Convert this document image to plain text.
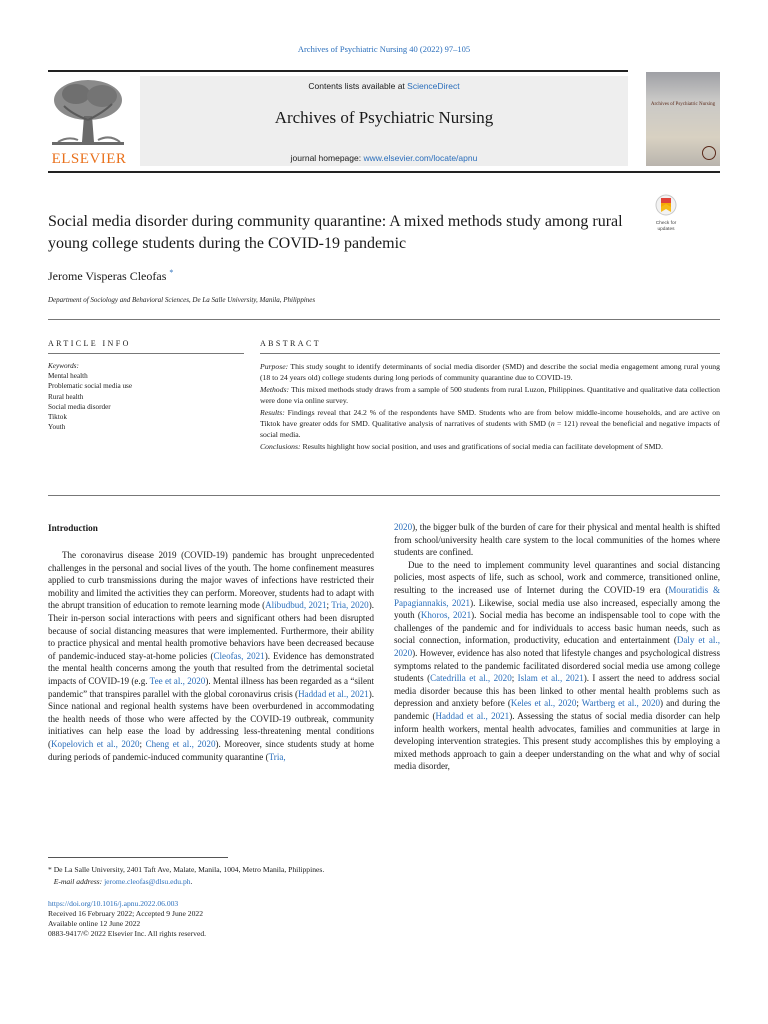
Archives of Psychiatric Nursing 40 (2022) 97–105
ELSEVIER
Contents lists available at ScienceDirect
Archives of Psychiatric Nursing
journal homepage: www.elsevier.com/locate/apnu
Archives of Psychiatric Nursing
Social media disorder during community quarantine: A mixed methods study among rural young college students during the COVID-19 pandemic
Check for
updates
Jerome Visperas Cleofas *
Department of Sociology and Behavioral Sciences, De La Salle University, Manila, Philippines
ARTICLE INFO	ABSTRACT
Keywords:
Mental health
Problematic social media use
Rural health
Social media disorder
Tiktok
Youth
Purpose: This study sought to identify determinants of social media disorder (SMD) and describe the social media engagement among rural young (18 to 24 years old) college students during long periods of community quarantine due to COVID-19.
Methods: This mixed methods study draws from a sample of 500 students from rural Luzon, Philippines. Quantitative and qualitative data collection were done via online survey.
Results: Findings reveal that 24.2 % of the respondents have SMD. Students who are from below middle-income households, and are active on Tiktok have greater odds for SMD. Qualitative analysis of narratives of students with SMD (n = 121) reveal the beneficial and negative impacts of social media.
Conclusions: Results highlight how social position, and uses and gratifications of social media can facilitate development of SMD.
Introduction

The coronavirus disease 2019 (COVID-19) pandemic has brought unprecedented challenges in the personal and social lives of the youth. The home confinement measures applied to curb transmissions during the major waves of infections have restricted their mobility and limited the activities they can perform. Moreover, students had to adapt with the abrupt transition of education to remote learning mode (Alibudbud, 2021; Tria, 2020). Their in-person social interactions with peers and significant others had been disrupted because of social distancing measures that were implemented. Furthermore, their ability to practice physical and mental health promotive behaviors have been decreased because of pandemic-induced stay-at-home policies (Cleofas, 2021). Evidence has demonstrated the mental health concerns among the youth that resulted from the detrimental societal impacts of COVID-19 (e.g. Tee et al., 2020). Mental illness has been regarded as a “silent pandemic” that transpires parallel with the global coronavirus crisis (Haddad et al., 2021). Since national and regional health systems have been overburdened in accommodating the health needs of those who were affected by the COVID-19 outbreak, community initiatives can help ease the load by addressing less-threatening mental conditions (Kopelovich et al., 2020; Cheng et al., 2020). Moreover, since students study at home during periods of pandemic-induced community quarantine (Tria,

2020), the bigger bulk of the burden of care for their physical and mental health is shifted from school/university health care system to the local communities of the homes where students are confined.

Due to the need to implement community level quarantines and social distancing policies, most aspects of life, such as school, work and commerce, transitioned online, resulting to the increased use of Internet during the COVID-19 era (Mouratidis & Papagiannakis, 2021). Likewise, social media use also increased, especially among the youth (Khoros, 2021). Social media has become an indispensable tool to cope with the challenges of the pandemic and for individuals to access basic human needs, such as social connection, information, productivity, education and entertainment (Daly et al., 2020). However, evidence has also noted that lifestyle changes and psychological distress symptoms related to the pandemic facilitated disordered social media use among college students (Catedrilla et al., 2020; Islam et al., 2021). I assert the need to address social media disorder because this has been linked to other mental health problems such as depression and anxiety before (Keles et al., 2020; Wartberg et al., 2020) and during the pandemic (Haddad et al., 2021). Assessing the status of social media disorder can help inform health workers, mental health advocates, families and communities at large in developing intervention strategies. This present study accomplishes this by employing a mixed methods approach to gain a deeper understanding on the what and why of social media disorder,

* De La Salle University, 2401 Taft Ave, Malate, Manila, 1004, Metro Manila, Philippines.
E-mail address: jerome.cleofas@dlsu.edu.ph.
https://doi.org/10.1016/j.apnu.2022.06.003
Received 16 February 2022; Accepted 9 June 2022
Available online 12 June 2022
0883-9417/© 2022 Elsevier Inc. All rights reserved.
